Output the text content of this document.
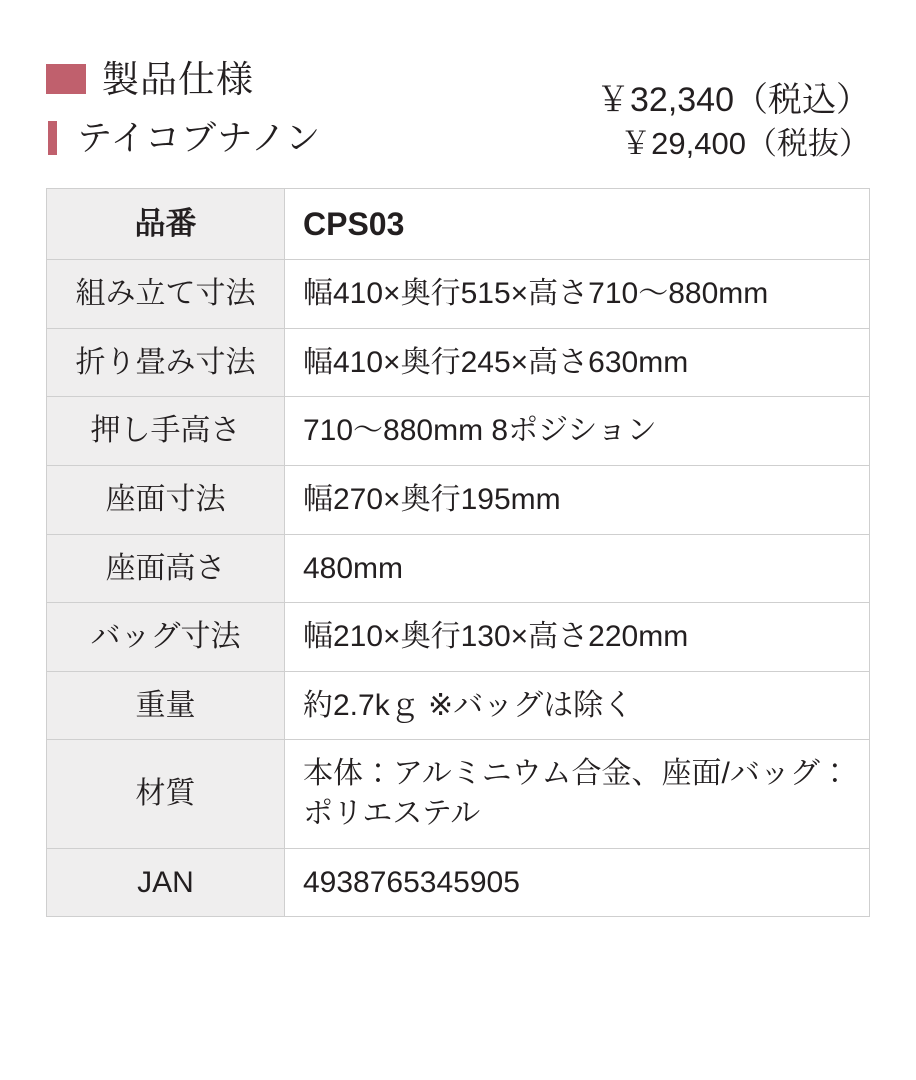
製品仕様
テイコブナノン
￥32,340（税込）
￥29,400（税抜）
品番	CPS03
組み立て寸法	幅410×奥行515×高さ710〜880mm
折り畳み寸法	幅410×奥行245×高さ630mm
押し手高さ	710〜880mm 8ポジション
座面寸法	幅270×奥行195mm
座面高さ	480mm
バッグ寸法	幅210×奥行130×高さ220mm
重量	約2.7kｇ ※バッグは除く
材質	本体：アルミニウム合金、座面/バッグ：ポリエステル
JAN	4938765345905
